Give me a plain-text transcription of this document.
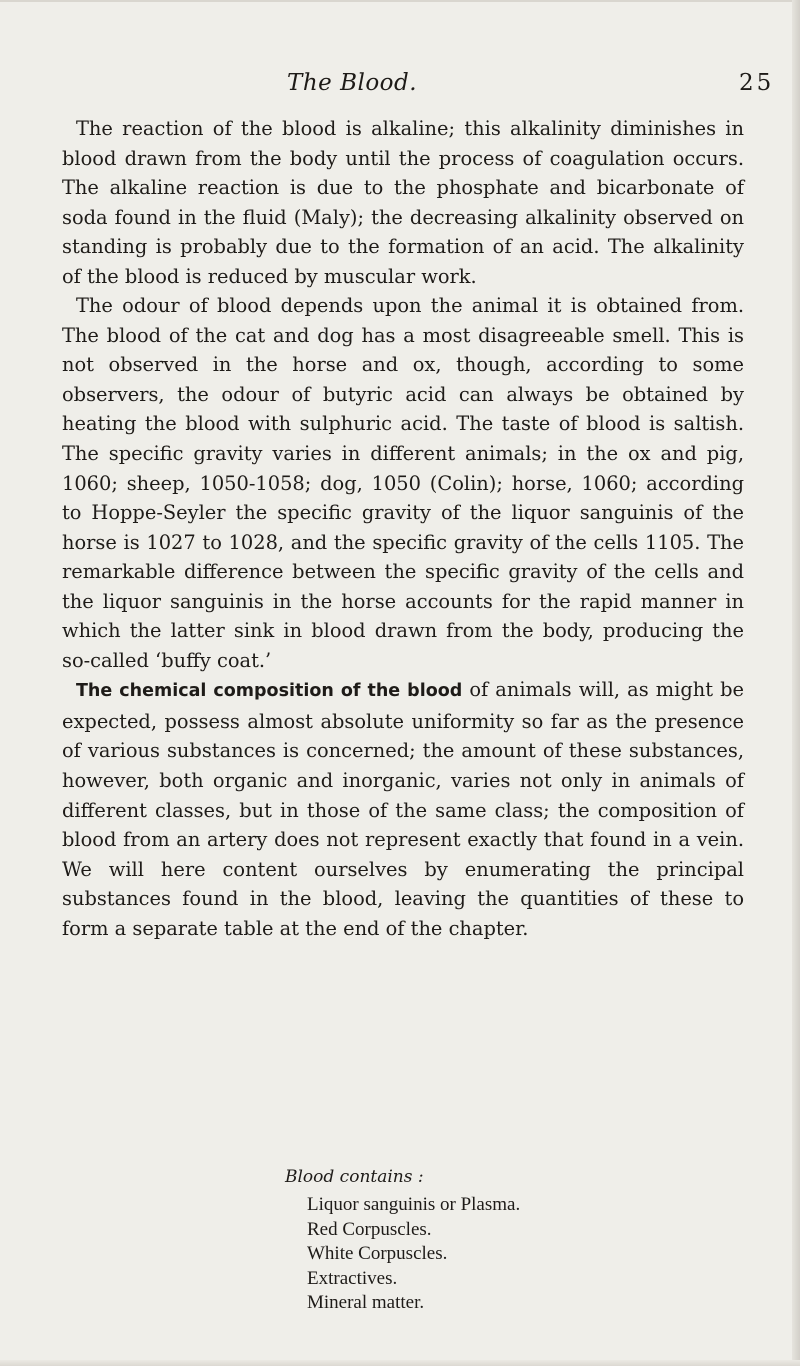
The Blood.	25

The reaction of the blood is alkaline; this alkalinity diminishes in blood drawn from the body until the process of coagulation occurs. The alkaline reaction is due to the phosphate and bicarbonate of soda found in the fluid (Maly); the decreasing alkalinity observed on standing is probably due to the formation of an acid. The alkalinity of the blood is reduced by muscular work.

The odour of blood depends upon the animal it is obtained from. The blood of the cat and dog has a most disagreeable smell. This is not observed in the horse and ox, though, according to some observers, the odour of butyric acid can always be obtained by heating the blood with sulphuric acid. The taste of blood is saltish. The specific gravity varies in different animals; in the ox and pig, 1060; sheep, 1050-1058; dog, 1050 (Colin); horse, 1060; according to Hoppe-Seyler the specific gravity of the liquor sanguinis of the horse is 1027 to 1028, and the specific gravity of the cells 1105. The remarkable difference between the specific gravity of the cells and the liquor sanguinis in the horse accounts for the rapid manner in which the latter sink in blood drawn from the body, producing the so-called ‘buffy coat.’

The chemical composition of the blood of animals will, as might be expected, possess almost absolute uniformity so far as the presence of various substances is concerned; the amount of these substances, however, both organic and inorganic, varies not only in animals of different classes, but in those of the same class; the composition of blood from an artery does not represent exactly that found in a vein. We will here content ourselves by enumerating the principal substances found in the blood, leaving the quantities of these to form a separate table at the end of the chapter.

Blood contains :

Liquor sanguinis or Plasma.
Red Corpuscles.
White Corpuscles.
Extractives.
Mineral matter.
